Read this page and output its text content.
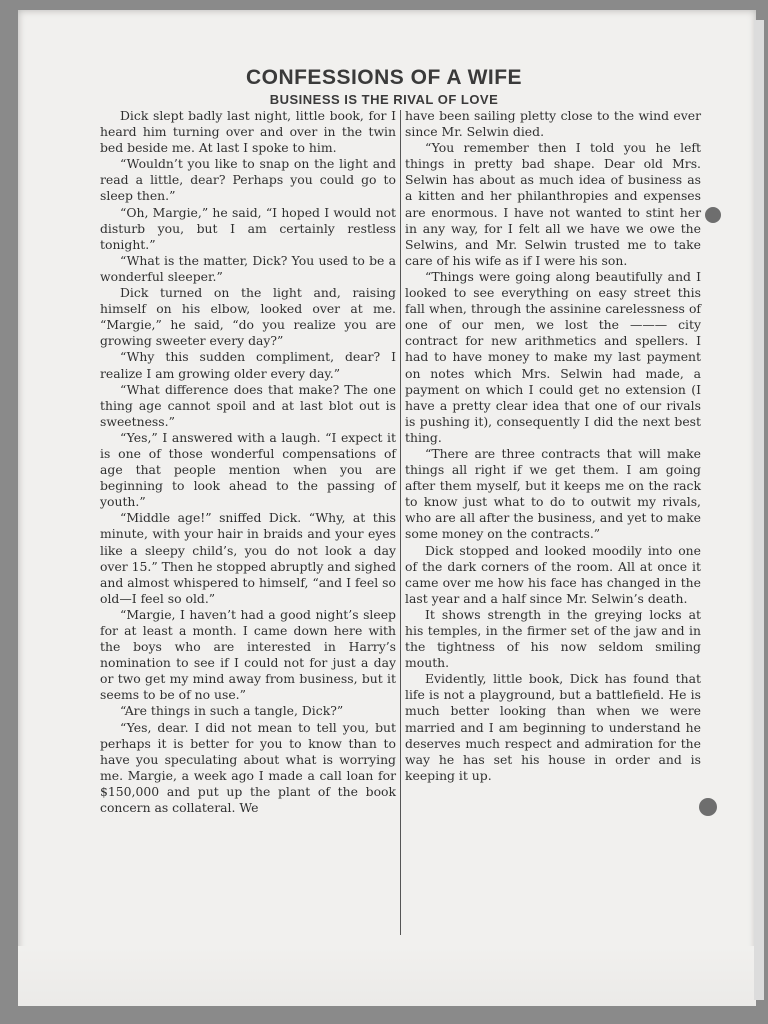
CONFESSIONS OF A WIFE
BUSINESS IS THE RIVAL OF LOVE

Dick slept badly last night, little book, for I heard him turning over and over in the twin bed beside me. At last I spoke to him.

“Wouldn’t you like to snap on the light and read a little, dear? Perhaps you could go to sleep then.”

“Oh, Margie,” he said, “I hoped I would not disturb you, but I am certainly restless tonight.”

“What is the matter, Dick? You used to be a wonderful sleeper.”

Dick turned on the light and, raising himself on his elbow, looked over at me. “Margie,” he said, “do you realize you are growing sweeter every day?”

“Why this sudden compliment, dear? I realize I am growing older every day.”

“What difference does that make? The one thing age cannot spoil and at last blot out is sweetness.”

“Yes,” I answered with a laugh. “I expect it is one of those wonderful compensations of age that people mention when you are beginning to look ahead to the passing of youth.”

“Middle age!” sniffed Dick. “Why, at this minute, with your hair in braids and your eyes like a sleepy child’s, you do not look a day over 15.” Then he stopped abruptly and sighed and almost whispered to himself, “and I feel so old—I feel so old.”

“Margie, I haven’t had a good night’s sleep for at least a month. I came down here with the boys who are interested in Harry’s nomination to see if I could not for just a day or two get my mind away from business, but it seems to be of no use.”

“Are things in such a tangle, Dick?”

“Yes, dear. I did not mean to tell you, but perhaps it is better for you to know than to have you speculating about what is worrying me. Margie, a week ago I made a call loan for $150,000 and put up the plant of the book concern as collateral. We

have been sailing pletty close to the wind ever since Mr. Selwin died.

“You remember then I told you he left things in pretty bad shape. Dear old Mrs. Selwin has about as much idea of business as a kitten and her philanthropies and expenses are enormous. I have not wanted to stint her in any way, for I felt all we have we owe the Selwins, and Mr. Selwin trusted me to take care of his wife as if I were his son.

“Things were going along beautifully and I looked to see everything on easy street this fall when, through the assinine carelessness of one of our men, we lost the ——— city contract for new arithmetics and spellers. I had to have money to make my last payment on notes which Mrs. Selwin had made, a payment on which I could get no extension (I have a pretty clear idea that one of our rivals is pushing it), consequently I did the next best thing.

“There are three contracts that will make things all right if we get them. I am going after them myself, but it keeps me on the rack to know just what to do to outwit my rivals, who are all after the business, and yet to make some money on the contracts.”

Dick stopped and looked moodily into one of the dark corners of the room. All at once it came over me how his face has changed in the last year and a half since Mr. Selwin’s death.

It shows strength in the greying locks at his temples, in the firmer set of the jaw and in the tightness of his now seldom smiling mouth.

Evidently, little book, Dick has found that life is not a playground, but a battlefield. He is much better looking than when we were married and I am beginning to understand he deserves much respect and admiration for the way he has set his house in order and is keeping it up.
